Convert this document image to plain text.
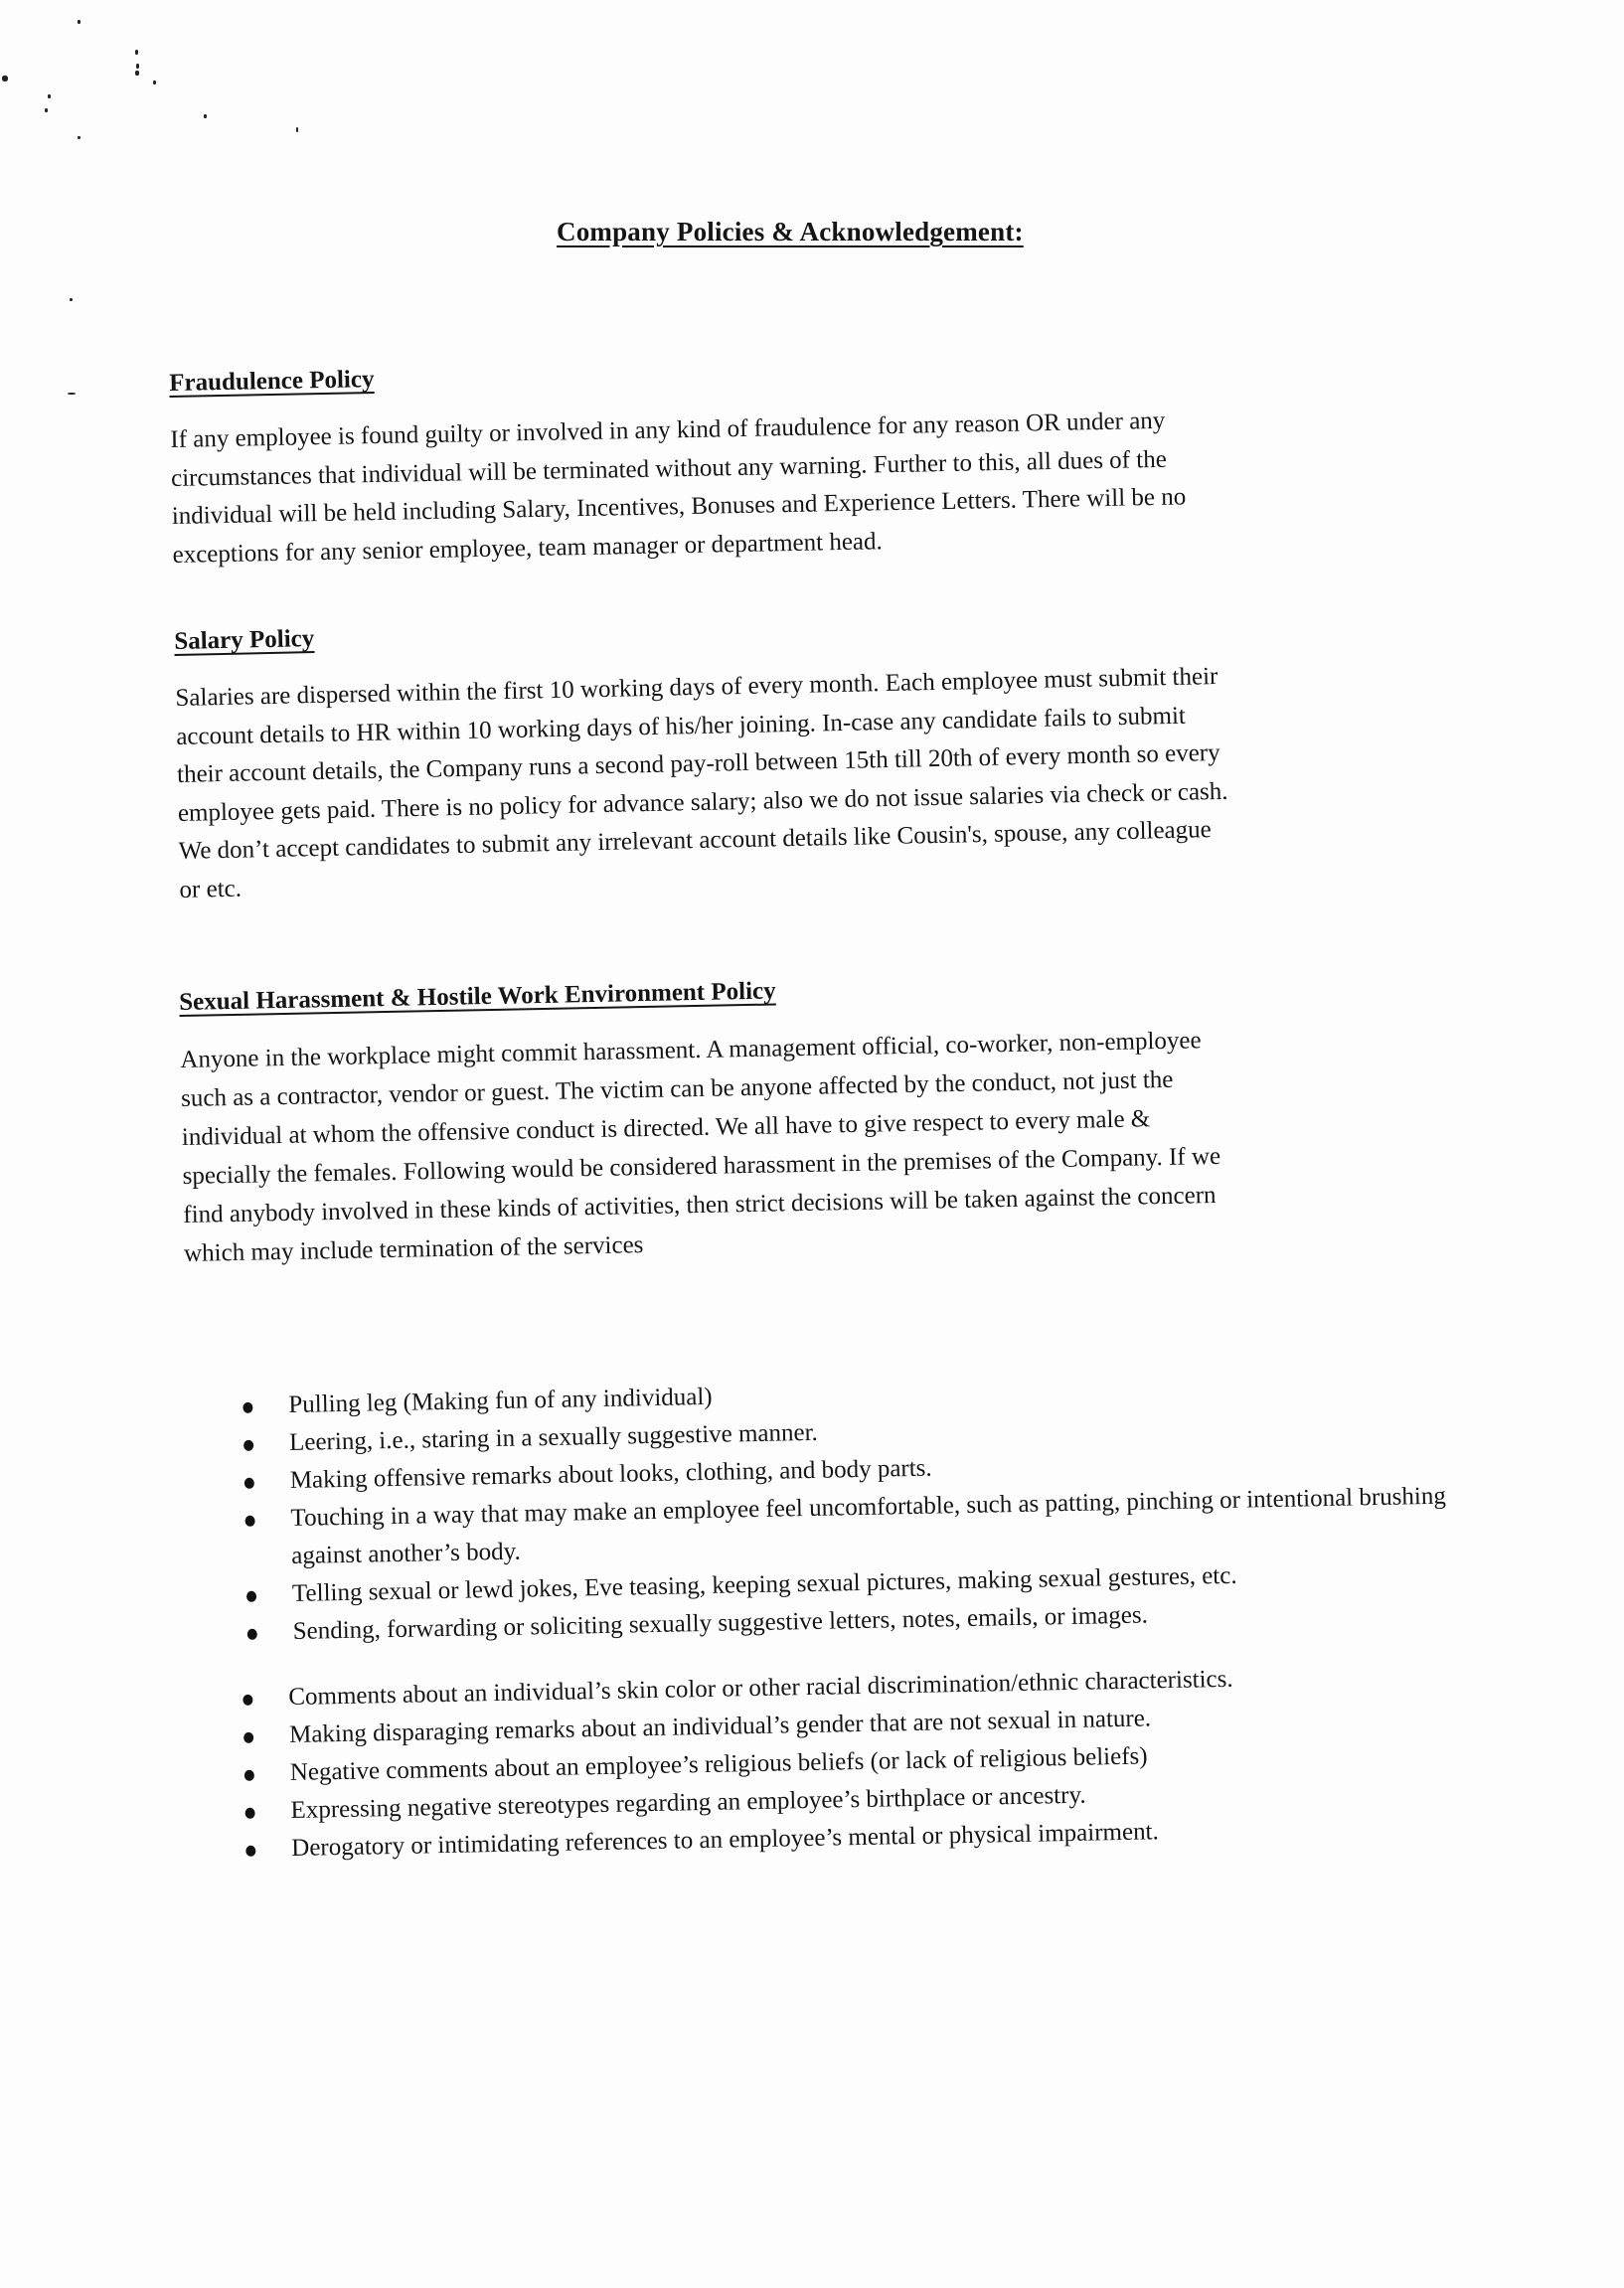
Company Policies & Acknowledgement:
Fraudulence Policy

If any employee is found guilty or involved in any kind of fraudulence for any reason OR under any
circumstances that individual will be terminated without any warning. Further to this, all dues of the
individual will be held including Salary, Incentives, Bonuses and Experience Letters. There will be no
exceptions for any senior employee, team manager or department head.

Salary Policy

Salaries are dispersed within the first 10 working days of every month. Each employee must submit their
account details to HR within 10 working days of his/her joining. In-case any candidate fails to submit
their account details, the Company runs a second pay-roll between 15th till 20th of every month so every
employee gets paid. There is no policy for advance salary; also we do not issue salaries via check or cash.
We don’t accept candidates to submit any irrelevant account details like Cousin's, spouse, any colleague
or etc.

Sexual Harassment & Hostile Work Environment Policy

Anyone in the workplace might commit harassment. A management official, co-worker, non-employee
such as a contractor, vendor or guest. The victim can be anyone affected by the conduct, not just the
individual at whom the offensive conduct is directed. We all have to give respect to every male &
specially the females. Following would be considered harassment in the premises of the Company. If we
find anybody involved in these kinds of activities, then strict decisions will be taken against the concern
which may include termination of the services

Pulling leg (Making fun of any individual)
Leering, i.e., staring in a sexually suggestive manner.
Making offensive remarks about looks, clothing, and body parts.
Touching in a way that may make an employee feel uncomfortable, such as patting, pinching or intentional brushing against another’s body.
Telling sexual or lewd jokes, Eve teasing, keeping sexual pictures, making sexual gestures, etc.
Sending, forwarding or soliciting sexually suggestive letters, notes, emails, or images.
Comments about an individual’s skin color or other racial discrimination/ethnic characteristics.
Making disparaging remarks about an individual’s gender that are not sexual in nature.
Negative comments about an employee’s religious beliefs (or lack of religious beliefs)
Expressing negative stereotypes regarding an employee’s birthplace or ancestry.
Derogatory or intimidating references to an employee’s mental or physical impairment.
